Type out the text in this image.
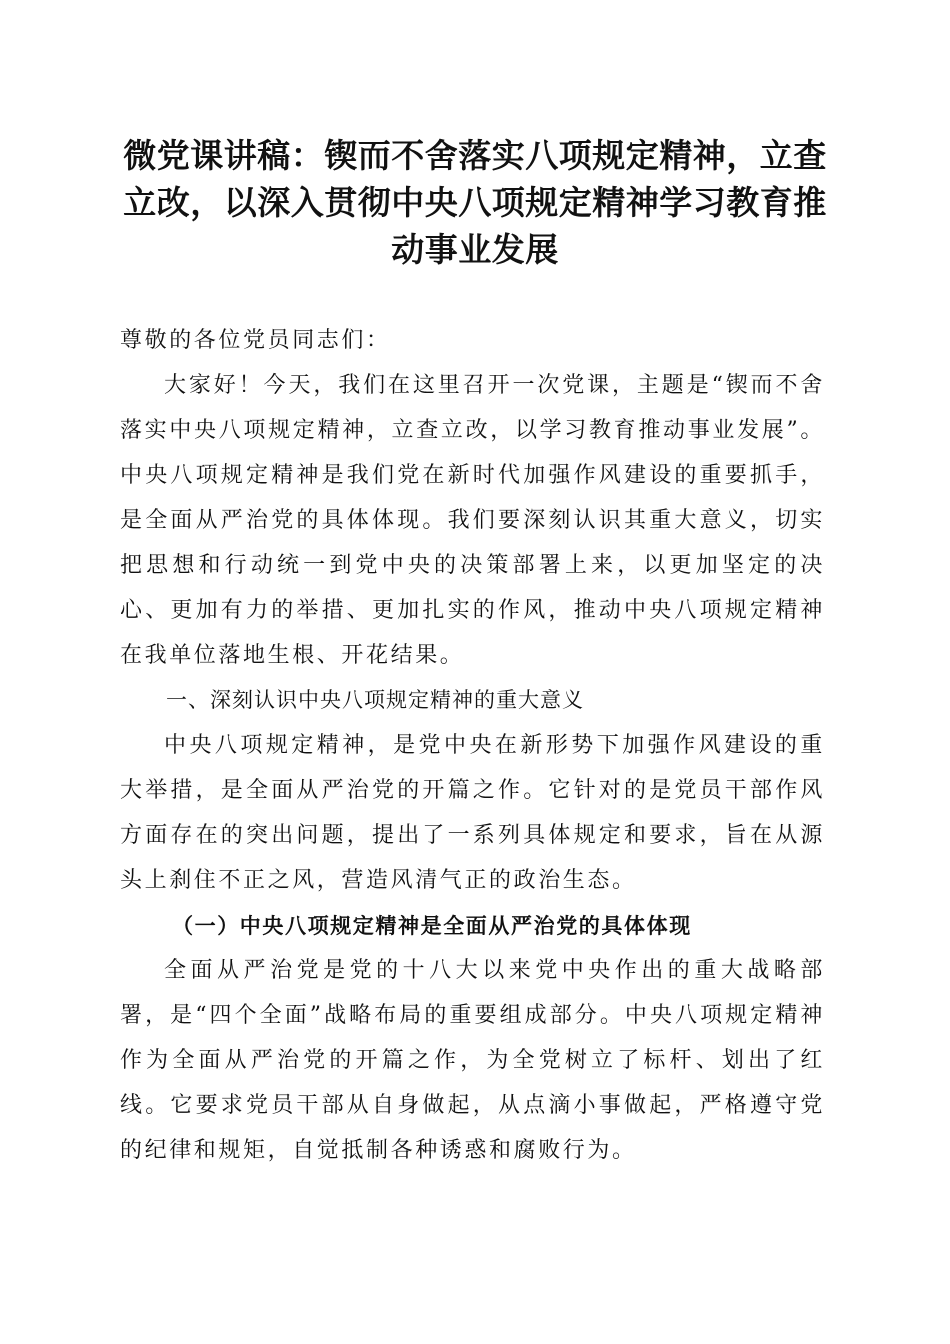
微党课讲稿：锲而不舍落实八项规定精神，立查立改，以深入贯彻中央八项规定精神学习教育推动事业发展

尊敬的各位党员同志们：

大家好！今天，我们在这里召开一次党课，主题是“锲而不舍落实中央八项规定精神，立查立改，以学习教育推动事业发展”。中央八项规定精神是我们党在新时代加强作风建设的重要抓手，是全面从严治党的具体体现。我们要深刻认识其重大意义，切实把思想和行动统一到党中央的决策部署上来，以更加坚定的决心、更加有力的举措、更加扎实的作风，推动中央八项规定精神在我单位落地生根、开花结果。

一、深刻认识中央八项规定精神的重大意义

中央八项规定精神，是党中央在新形势下加强作风建设的重大举措，是全面从严治党的开篇之作。它针对的是党员干部作风方面存在的突出问题，提出了一系列具体规定和要求，旨在从源头上刹住不正之风，营造风清气正的政治生态。

（一）中央八项规定精神是全面从严治党的具体体现

全面从严治党是党的十八大以来党中央作出的重大战略部署，是“四个全面”战略布局的重要组成部分。中央八项规定精神作为全面从严治党的开篇之作，为全党树立了标杆、划出了红线。它要求党员干部从自身做起，从点滴小事做起，严格遵守党的纪律和规矩，自觉抵制各种诱惑和腐败行为。
